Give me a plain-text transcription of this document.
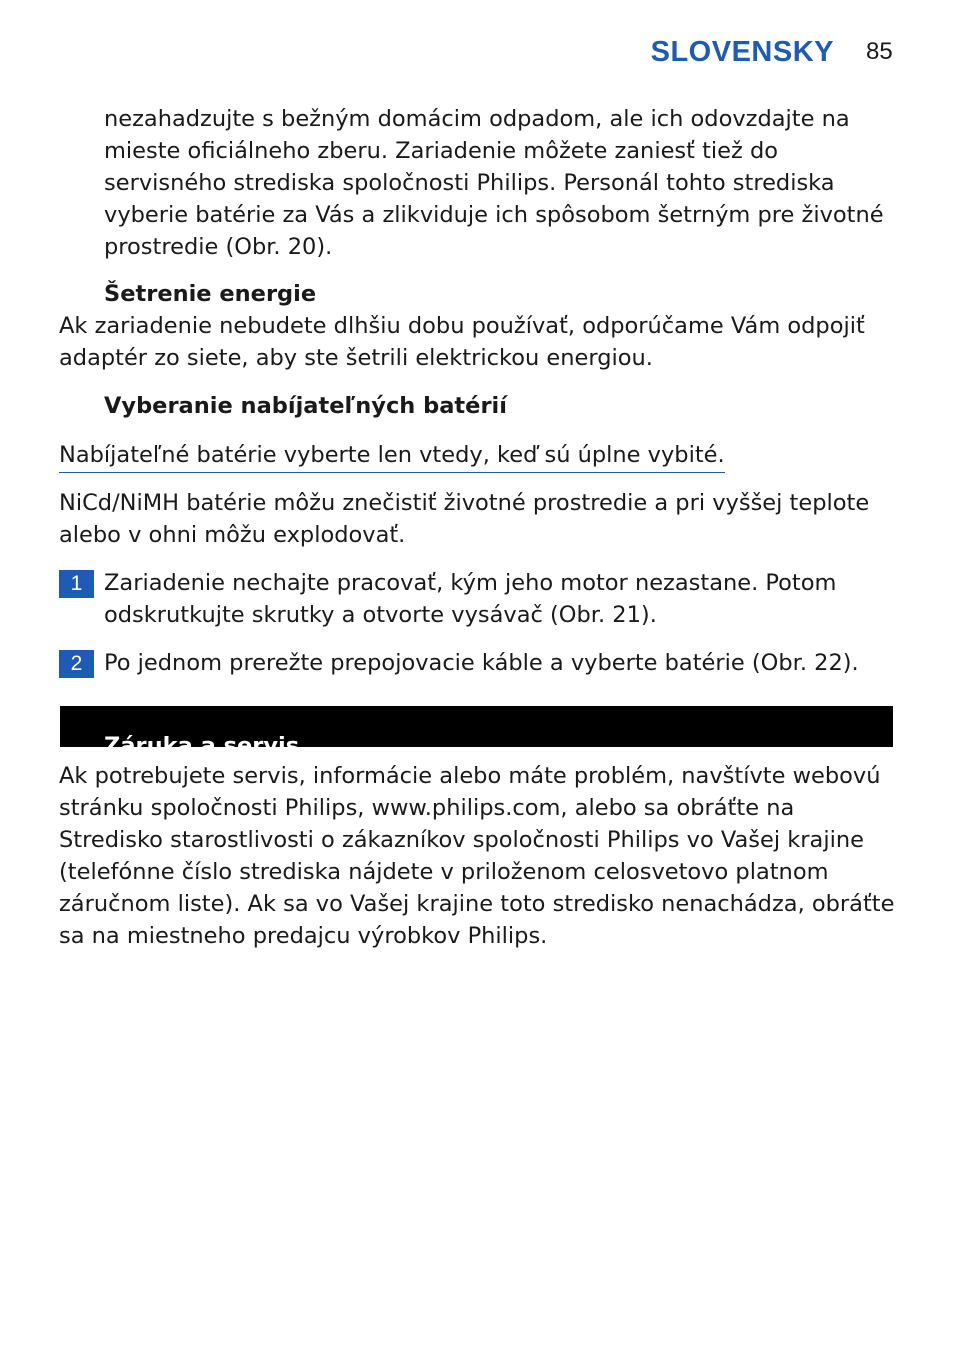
SLOVENSKY 85

nezahadzujte s bežným domácim odpadom, ale ich odovzdajte na mieste oficiálneho zberu. Zariadenie môžete zaniesť tiež do servisného strediska spoločnosti Philips. Personál tohto strediska vyberie batérie za Vás a zlikviduje ich spôsobom šetrným pre životné prostredie (Obr. 20).

Šetrenie energie

Ak zariadenie nebudete dlhšiu dobu používať, odporúčame Vám odpojiť adaptér zo siete, aby ste šetrili elektrickou energiou.

Vyberanie nabíjateľných batérií
Nabíjateľné batérie vyberte len vtedy, keď sú úplne vybité.

NiCd/NiMH batérie môžu znečistiť životné prostredie a pri vyššej teplote alebo v ohni môžu explodovať.

1 Zariadenie nechajte pracovať, kým jeho motor nezastane. Potom odskrutkujte skrutky a otvorte vysávač (Obr. 21).

2 Po jednom prerežte prepojovacie káble a vyberte batérie (Obr. 22).

Záruka a servis

Ak potrebujete servis, informácie alebo máte problém, navštívte webovú stránku spoločnosti Philips, www.philips.com, alebo sa obráťte na Stredisko starostlivosti o zákazníkov spoločnosti Philips vo Vašej krajine (telefónne číslo strediska nájdete v priloženom celosvetovo platnom záručnom liste). Ak sa vo Vašej krajine toto stredisko nenachádza, obráťte sa na miestneho predajcu výrobkov Philips.
